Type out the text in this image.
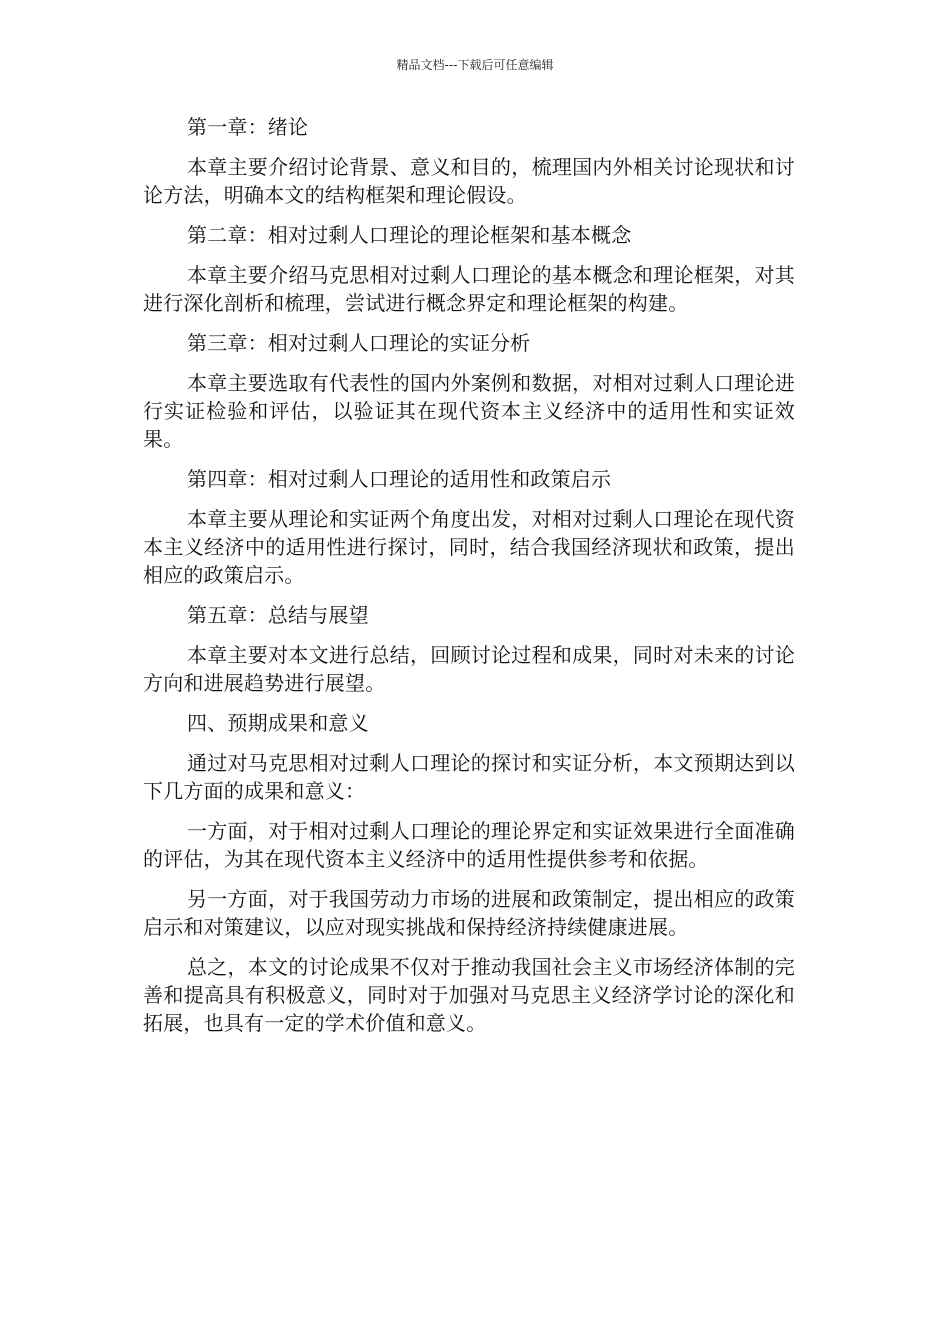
精品文档---下载后可任意编辑

第一章：绪论

本章主要介绍讨论背景、意义和目的，梳理国内外相关讨论现状和讨论方法，明确本文的结构框架和理论假设。

第二章：相对过剩人口理论的理论框架和基本概念

本章主要介绍马克思相对过剩人口理论的基本概念和理论框架，对其进行深化剖析和梳理，尝试进行概念界定和理论框架的构建。

第三章：相对过剩人口理论的实证分析

本章主要选取有代表性的国内外案例和数据，对相对过剩人口理论进行实证检验和评估，以验证其在现代资本主义经济中的适用性和实证效果。

第四章：相对过剩人口理论的适用性和政策启示

本章主要从理论和实证两个角度出发，对相对过剩人口理论在现代资本主义经济中的适用性进行探讨，同时，结合我国经济现状和政策，提出相应的政策启示。

第五章：总结与展望

本章主要对本文进行总结，回顾讨论过程和成果，同时对未来的讨论方向和进展趋势进行展望。

四、预期成果和意义

通过对马克思相对过剩人口理论的探讨和实证分析，本文预期达到以下几方面的成果和意义：

一方面，对于相对过剩人口理论的理论界定和实证效果进行全面准确的评估，为其在现代资本主义经济中的适用性提供参考和依据。

另一方面，对于我国劳动力市场的进展和政策制定，提出相应的政策启示和对策建议，以应对现实挑战和保持经济持续健康进展。

总之，本文的讨论成果不仅对于推动我国社会主义市场经济体制的完善和提高具有积极意义，同时对于加强对马克思主义经济学讨论的深化和拓展，也具有一定的学术价值和意义。
